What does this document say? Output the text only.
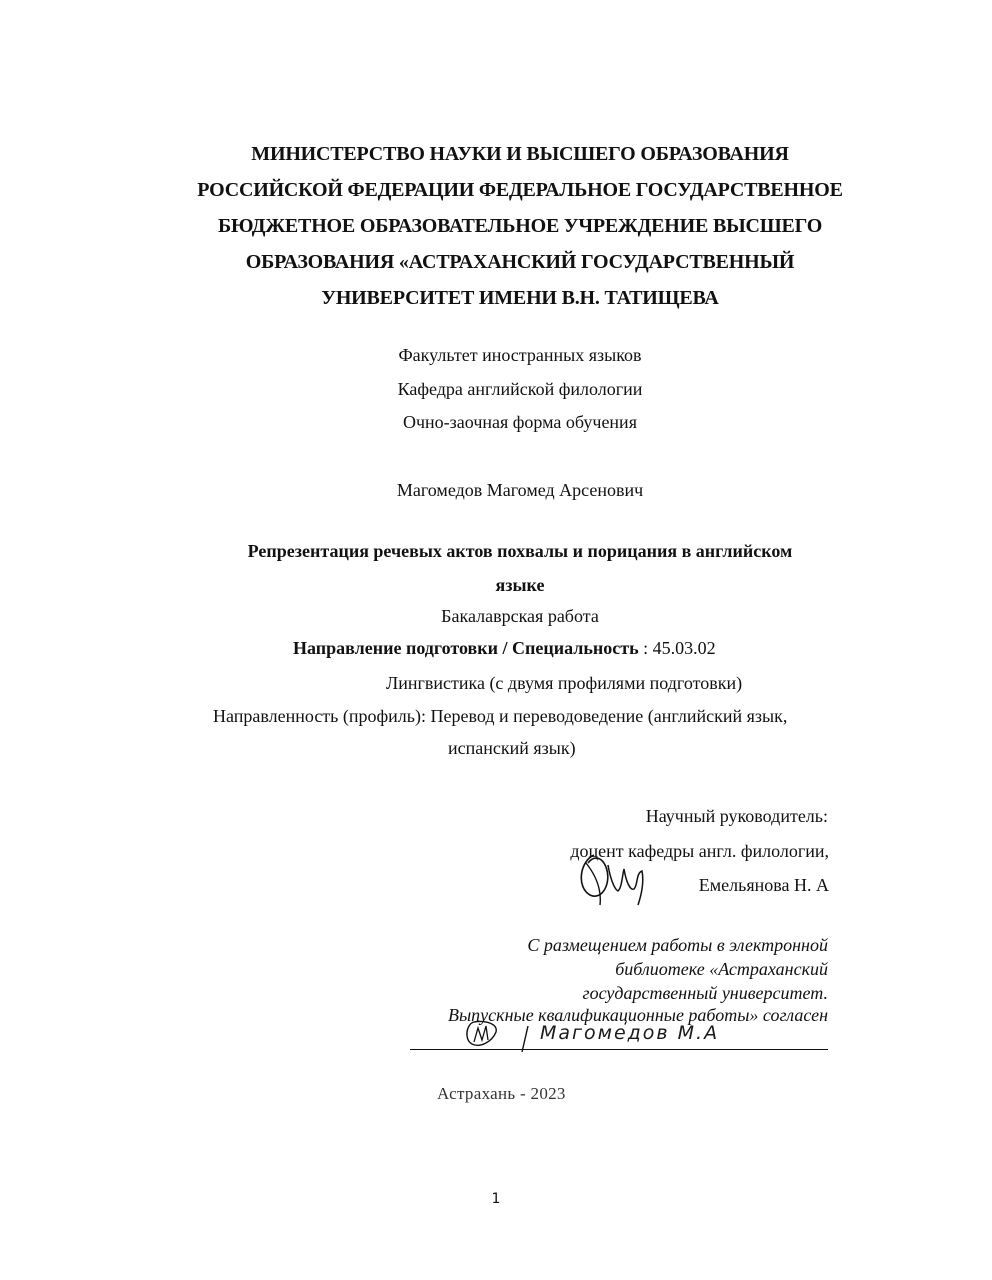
МИНИСТЕРСТВО НАУКИ И ВЫСШЕГО ОБРАЗОВАНИЯ
РОССИЙСКОЙ ФЕДЕРАЦИИ ФЕДЕРАЛЬНОЕ ГОСУДАРСТВЕННОЕ
БЮДЖЕТНОЕ ОБРАЗОВАТЕЛЬНОЕ УЧРЕЖДЕНИЕ ВЫСШЕГО
ОБРАЗОВАНИЯ «АСТРАХАНСКИЙ ГОСУДАРСТВЕННЫЙ
УНИВЕРСИТЕТ ИМЕНИ В.Н. ТАТИЩЕВА
Факультет иностранных языков
Кафедра английской филологии
Очно-заочная форма обучения
Магомедов Магомед Арсенович
Репрезентация речевых актов похвалы и порицания в английском
языке
Бакалаврская работа
Направление подготовки / Специальность : 45.03.02
Лингвистика (с двумя профилями подготовки)
Направленность (профиль): Перевод и переводоведение (английский язык,
испанский язык)
Научный руководитель:
доцент кафедры англ. филологии,
Емельянова Н. А
С размещением работы в электронной
библиотеке «Астраханский
государственный университет.
Выпускные квалификационные работы» согласен
Магомедов М.А
Астрахань - 2023
1
